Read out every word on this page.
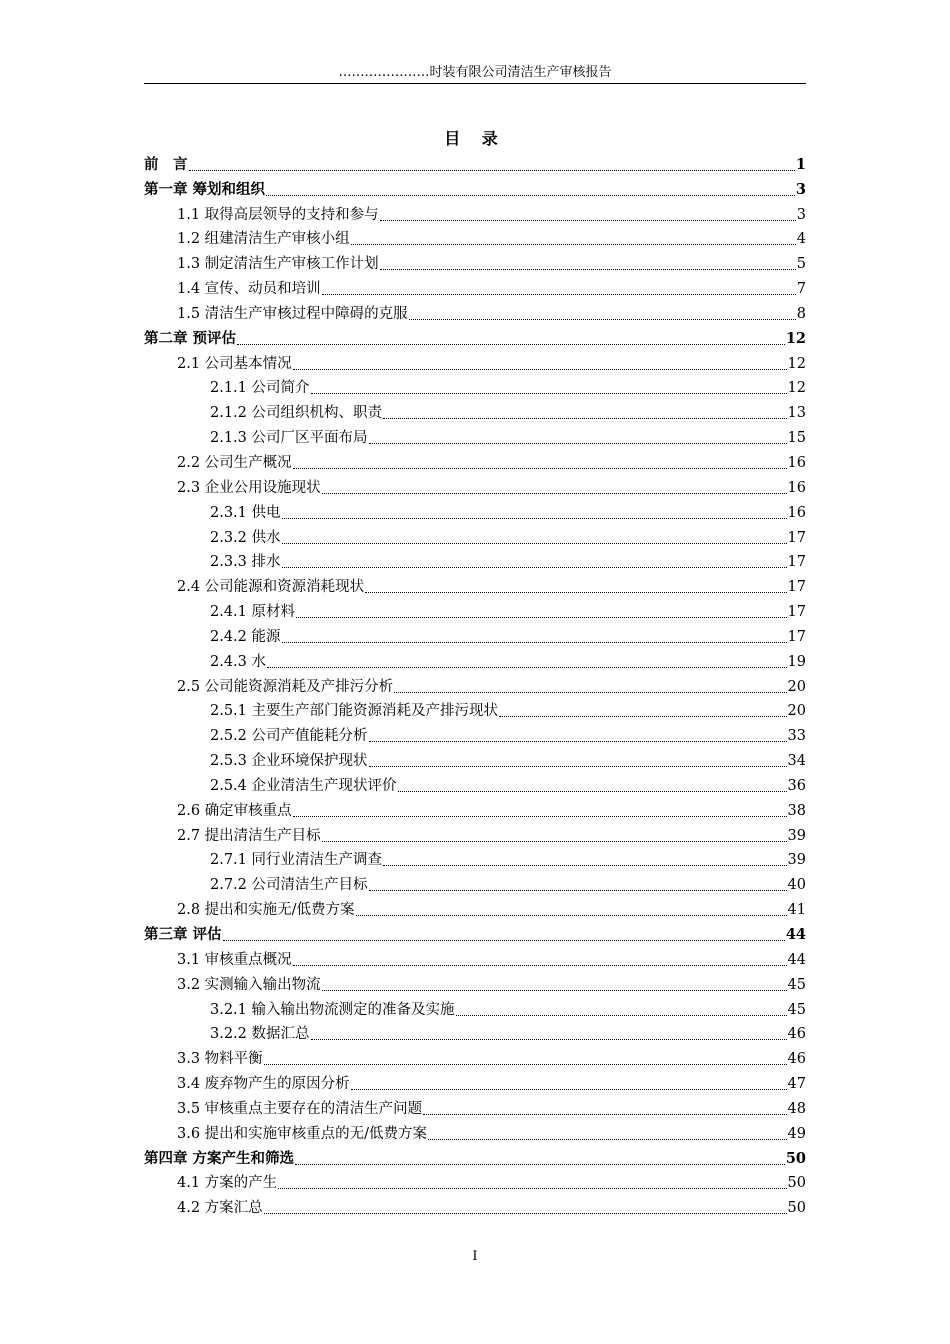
…………………时装有限公司清洁生产审核报告
目 录
前　言	1
第一章 筹划和组织	3
1.1 取得高层领导的支持和参与	3
1.2 组建清洁生产审核小组	4
1.3 制定清洁生产审核工作计划	5
1.4 宣传、动员和培训	7
1.5 清洁生产审核过程中障碍的克服	8
第二章 预评估	12
2.1 公司基本情况	12
2.1.1 公司简介	12
2.1.2 公司组织机构、职责	13
2.1.3 公司厂区平面布局	15
2.2 公司生产概况	16
2.3 企业公用设施现状	16
2.3.1 供电	16
2.3.2 供水	17
2.3.3 排水	17
2.4 公司能源和资源消耗现状	17
2.4.1 原材料	17
2.4.2 能源	17
2.4.3 水	19
2.5 公司能资源消耗及产排污分析	20
2.5.1 主要生产部门能资源消耗及产排污现状	20
2.5.2 公司产值能耗分析	33
2.5.3 企业环境保护现状	34
2.5.4 企业清洁生产现状评价	36
2.6 确定审核重点	38
2.7 提出清洁生产目标	39
2.7.1 同行业清洁生产调查	39
2.7.2 公司清洁生产目标	40
2.8 提出和实施无/低费方案	41
第三章 评估	44
3.1 审核重点概况	44
3.2 实测输入输出物流	45
3.2.1 输入输出物流测定的准备及实施	45
3.2.2 数据汇总	46
3.3 物料平衡	46
3.4 废弃物产生的原因分析	47
3.5 审核重点主要存在的清洁生产问题	48
3.6 提出和实施审核重点的无/低费方案	49
第四章 方案产生和筛选	50
4.1 方案的产生	50
4.2 方案汇总	50
I
